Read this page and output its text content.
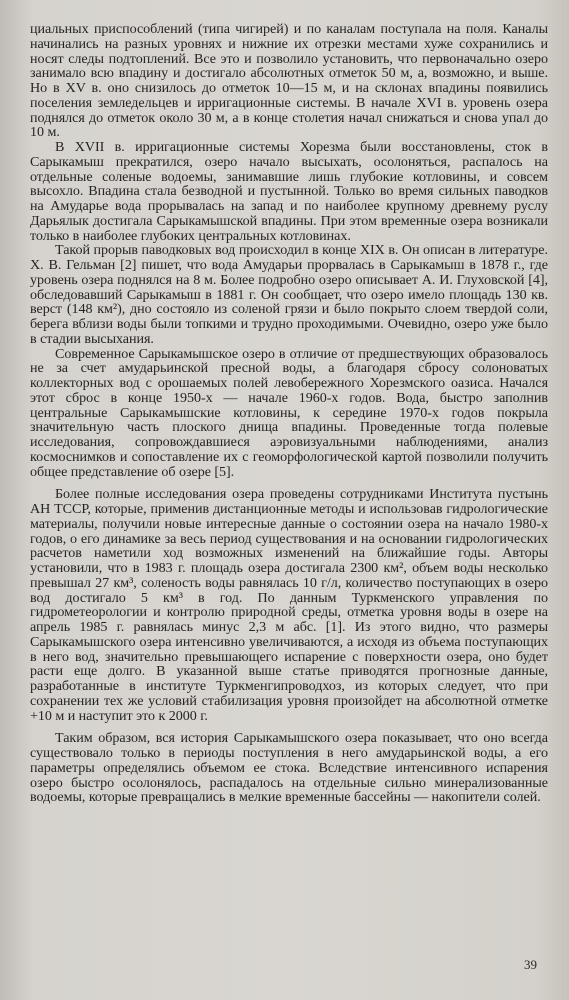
циальных приспособлений (типа чигирей) и по каналам поступала на поля. Каналы начинались на разных уровнях и нижние их отрезки местами хуже сохранились и носят следы подтоплений. Все это и позволило установить, что первоначально озеро занимало всю впадину и достигало абсолютных отметок 50 м, а, возможно, и выше. Но в XV в. оно снизилось до отметок 10—15 м, и на склонах впадины появились поселения земледельцев и ирригационные системы. В начале XVI в. уровень озера поднялся до отметок около 30 м, а в конце столетия начал снижаться и снова упал до 10 м.

В XVII в. ирригационные системы Хорезма были восстановлены, сток в Сарыкамыш прекратился, озеро начало высыхать, осолоняться, распалось на отдельные соленые водоемы, занимавшие лишь глубокие котловины, и совсем высохло. Впадина стала безводной и пустынной. Только во время сильных паводков на Амударье вода прорывалась на запад и по наиболее крупному древнему руслу Дарьялык достигала Сарыкамышской впадины. При этом временные озера возникали только в наиболее глубоких центральных котловинах.

Такой прорыв паводковых вод происходил в конце XIX в. Он описан в литературе. Х. В. Гельман [2] пишет, что вода Амударьи прорвалась в Сарыкамыш в 1878 г., где уровень озера поднялся на 8 м. Более подробно озеро описывает А. И. Глуховской [4], обследовавший Сарыкамыш в 1881 г. Он сообщает, что озеро имело площадь 130 кв. верст (148 км²), дно состояло из соленой грязи и было покрыто слоем твердой соли, берега вблизи воды были топкими и трудно проходимыми. Очевидно, озеро уже было в стадии высыхания.

Современное Сарыкамышское озеро в отличие от предшествующих образовалось не за счет амударьинской пресной воды, а благодаря сбросу солоноватых коллекторных вод с орошаемых полей левобережного Хорезмского оазиса. Начался этот сброс в конце 1950-х — начале 1960-х годов. Вода, быстро заполнив центральные Сарыкамышские котловины, к середине 1970-х годов покрыла значительную часть плоского днища впадины. Проведенные тогда полевые исследования, сопровождавшиеся аэровизуальными наблюдениями, анализ космоснимков и сопоставление их с геоморфологической картой позволили получить общее представление об озере [5].

Более полные исследования озера проведены сотрудниками Института пустынь АН ТССР, которые, применив дистанционные методы и использовав гидрологические материалы, получили новые интересные данные о состоянии озера на начало 1980-х годов, о его динамике за весь период существования и на основании гидрологических расчетов наметили ход возможных изменений на ближайшие годы. Авторы установили, что в 1983 г. площадь озера достигала 2300 км², объем воды несколько превышал 27 км³, соленость воды равнялась 10 г/л, количество поступающих в озеро вод достигало 5 км³ в год. По данным Туркменского управления по гидрометеорологии и контролю природной среды, отметка уровня воды в озере на апрель 1985 г. равнялась минус 2,3 м абс. [1]. Из этого видно, что размеры Сарыкамышского озера интенсивно увеличиваются, а исходя из объема поступающих в него вод, значительно превышающего испарение с поверхности озера, оно будет расти еще долго. В указанной выше статье приводятся прогнозные данные, разработанные в институте Туркменгипроводхоз, из которых следует, что при сохранении тех же условий стабилизация уровня произойдет на абсолютной отметке +10 м и наступит это к 2000 г.

Таким образом, вся история Сарыкамышского озера показывает, что оно всегда существовало только в периоды поступления в него амударьинской воды, а его параметры определялись объемом ее стока. Вследствие интенсивного испарения озеро быстро осолонялось, распадалось на отдельные сильно минерализованные водоемы, которые превращались в мелкие временные бассейны — накопители солей.

39
